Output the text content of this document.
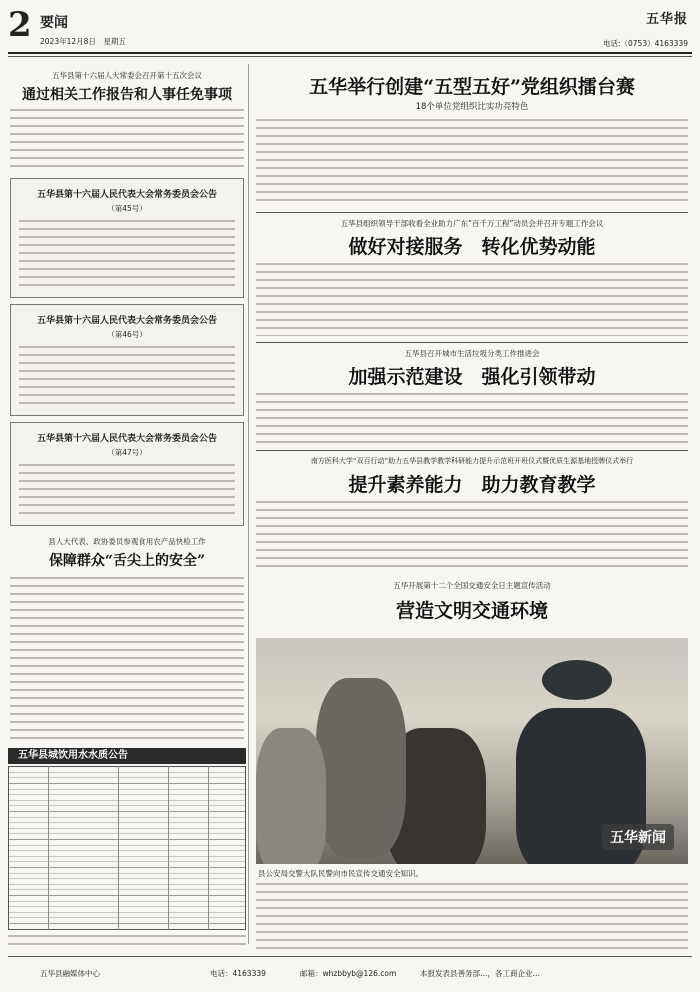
2 要闻
2023年12月8日　星期五
五华报
电话:（0753）4163339
五华县第十六届人大常委会召开第十五次会议
通过相关工作报告和人事任免事项
五华县第十六届人民代表大会常务委员会公告
（第45号）
五华县第十六届人民代表大会常务委员会公告
（第46号）
五华县第十六届人民代表大会常务委员会公告
（第47号）
县人大代表、政协委员参观食用农产品快检工作
保障群众“舌尖上的安全”
五华县城饮用水水质公告
五华举行创建“五型五好”党组织擂台赛
18个单位党组织比实功亮特色
五华县组织领导干部收看全业助力广东“百千万工程”动员会并召开专题工作会议
做好对接服务　转化优势动能
五华县召开城市生活垃圾分类工作推进会
加强示范建设　强化引领带动
南方医科大学“双百行动”助力五华县教学教学科研能力提升示范班开班仪式暨优质生源基地授牌仪式举行
提升素养能力　助力教育教学
五华开展第十二个全国交通安全日主题宣传活动
营造文明交通环境
五华新闻
县公安局交警大队民警向市民宣传交通安全知识。
五华县融媒体中心	电话：4163339	邮箱：whzbbyb@126.com	本报发表县善务部…，各工商企业…
